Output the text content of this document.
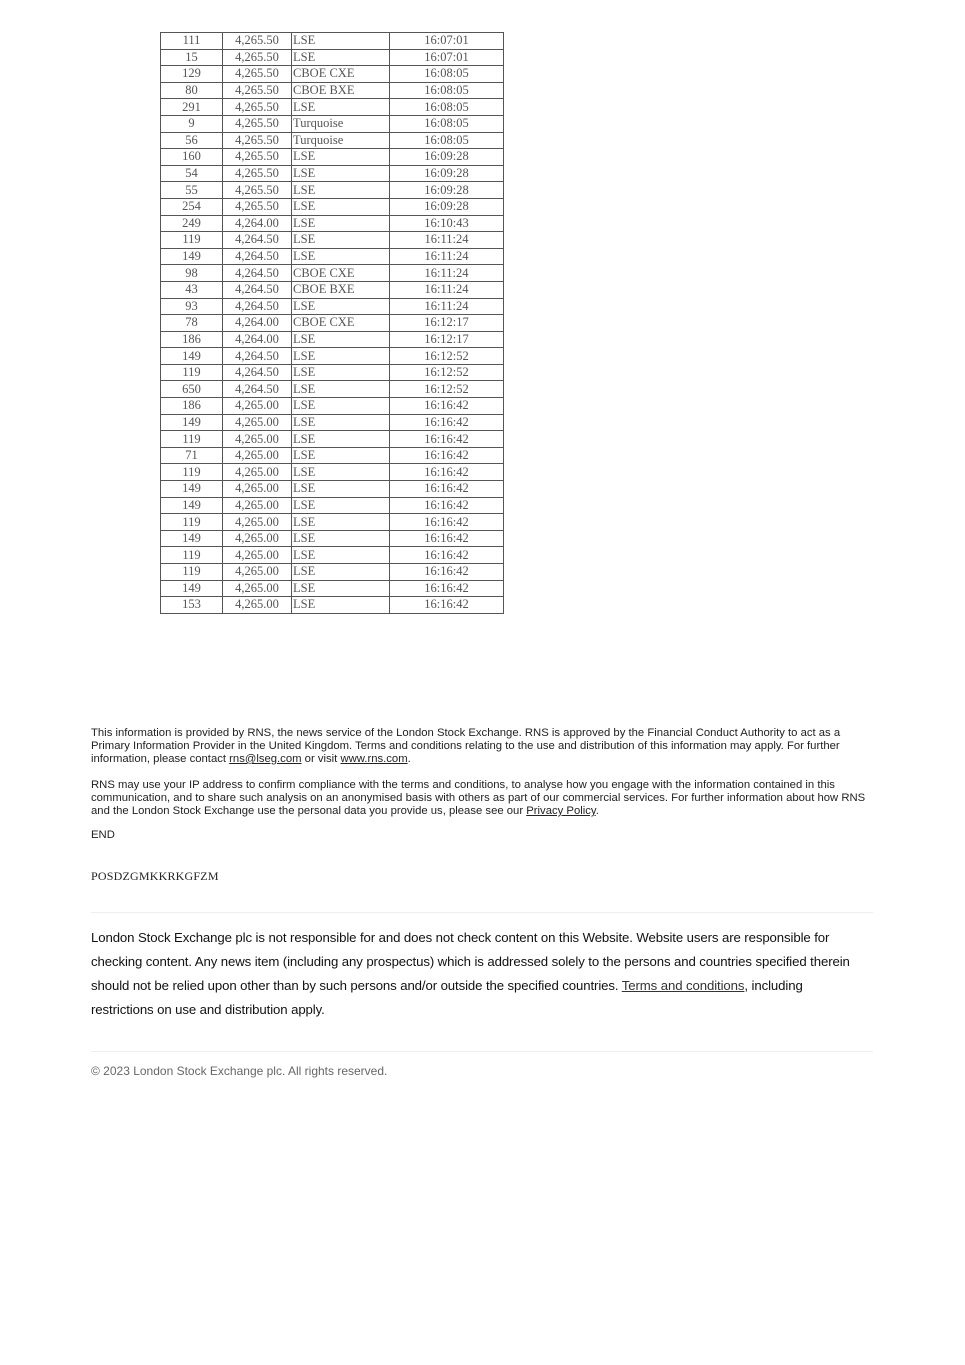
111	4,265.50	LSE	16:07:01
15	4,265.50	LSE	16:07:01
129	4,265.50	CBOE CXE	16:08:05
80	4,265.50	CBOE BXE	16:08:05
291	4,265.50	LSE	16:08:05
9	4,265.50	Turquoise	16:08:05
56	4,265.50	Turquoise	16:08:05
160	4,265.50	LSE	16:09:28
54	4,265.50	LSE	16:09:28
55	4,265.50	LSE	16:09:28
254	4,265.50	LSE	16:09:28
249	4,264.00	LSE	16:10:43
119	4,264.50	LSE	16:11:24
149	4,264.50	LSE	16:11:24
98	4,264.50	CBOE CXE	16:11:24
43	4,264.50	CBOE BXE	16:11:24
93	4,264.50	LSE	16:11:24
78	4,264.00	CBOE CXE	16:12:17
186	4,264.00	LSE	16:12:17
149	4,264.50	LSE	16:12:52
119	4,264.50	LSE	16:12:52
650	4,264.50	LSE	16:12:52
186	4,265.00	LSE	16:16:42
149	4,265.00	LSE	16:16:42
119	4,265.00	LSE	16:16:42
71	4,265.00	LSE	16:16:42
119	4,265.00	LSE	16:16:42
149	4,265.00	LSE	16:16:42
149	4,265.00	LSE	16:16:42
119	4,265.00	LSE	16:16:42
149	4,265.00	LSE	16:16:42
119	4,265.00	LSE	16:16:42
119	4,265.00	LSE	16:16:42
149	4,265.00	LSE	16:16:42
153	4,265.00	LSE	16:16:42

This information is provided by RNS, the news service of the London Stock Exchange. RNS is approved by the Financial Conduct Authority to act as a Primary Information Provider in the United Kingdom. Terms and conditions relating to the use and distribution of this information may apply. For further information, please contact rns@lseg.com or visit www.rns.com.

RNS may use your IP address to confirm compliance with the terms and conditions, to analyse how you engage with the information contained in this communication, and to share such analysis on an anonymised basis with others as part of our commercial services. For further information about how RNS and the London Stock Exchange use the personal data you provide us, please see our Privacy Policy.

END
POSDZGMKKRKGFZM
London Stock Exchange plc is not responsible for and does not check content on this Website. Website users are responsible for checking content. Any news item (including any prospectus) which is addressed solely to the persons and countries specified therein should not be relied upon other than by such persons and/or outside the specified countries. Terms and conditions, including restrictions on use and distribution apply.
© 2023 London Stock Exchange plc. All rights reserved.
